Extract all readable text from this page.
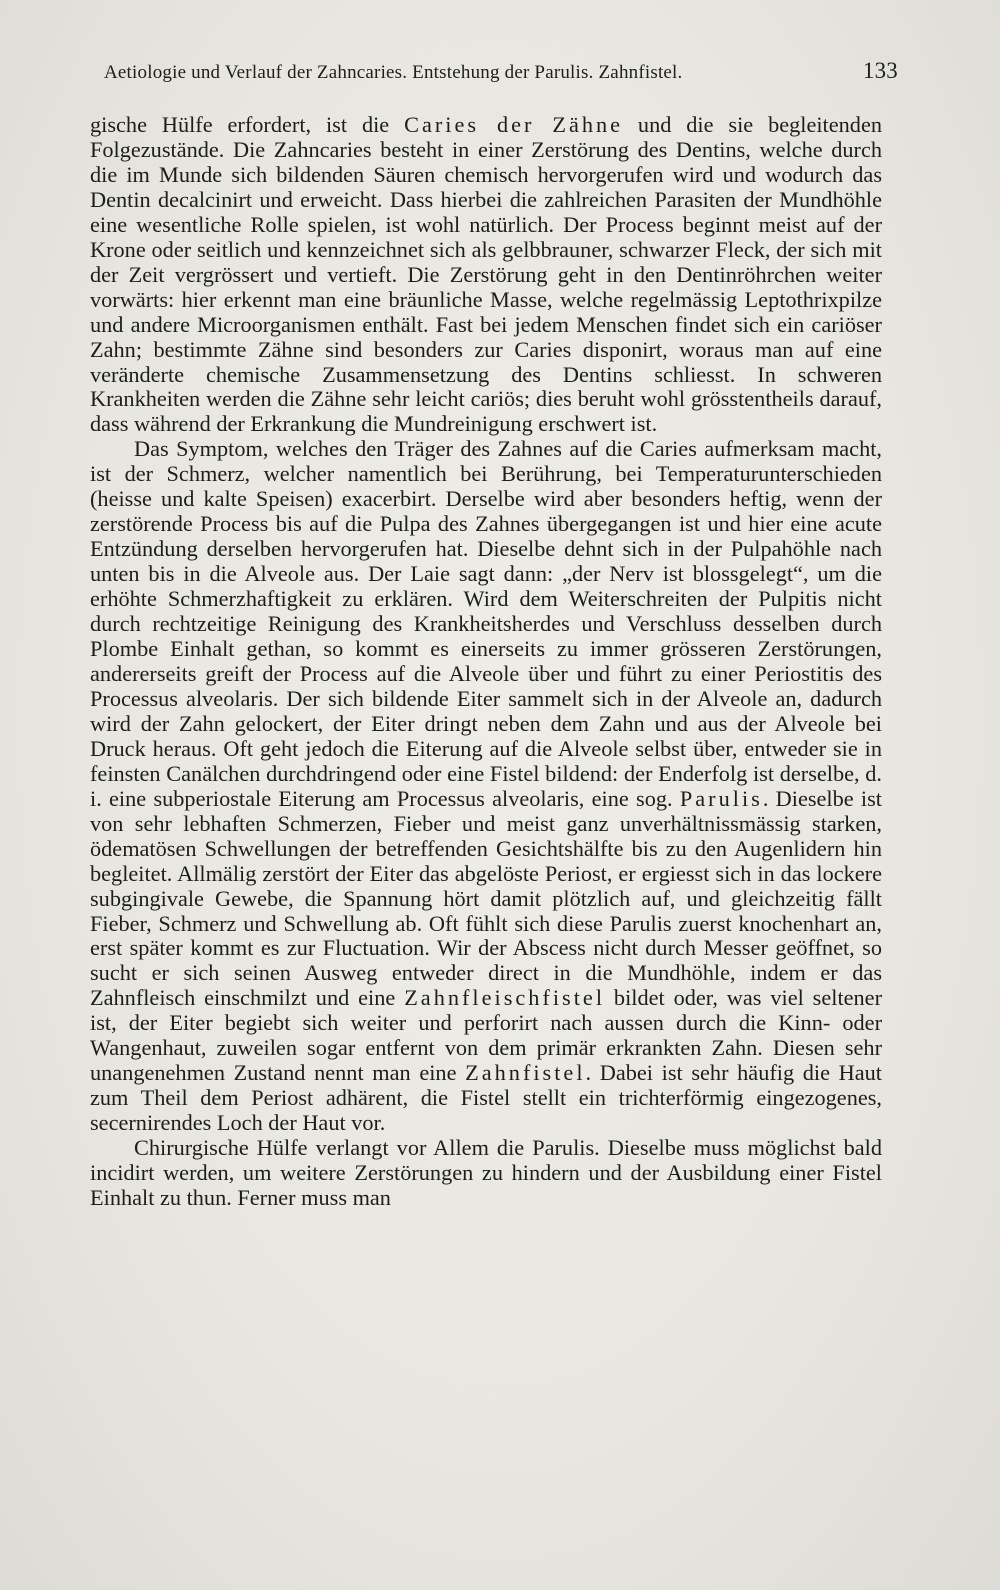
Aetiologie und Verlauf der Zahncaries. Entstehung der Parulis. Zahnfistel.	133

gische Hülfe erfordert, ist die Caries der Zähne und die sie begleitenden Folgezustände. Die Zahncaries besteht in einer Zerstörung des Dentins, welche durch die im Munde sich bildenden Säuren chemisch hervorgerufen wird und wodurch das Dentin decalcinirt und erweicht. Dass hierbei die zahlreichen Parasiten der Mundhöhle eine wesentliche Rolle spielen, ist wohl natürlich. Der Process beginnt meist auf der Krone oder seitlich und kennzeichnet sich als gelbbrauner, schwarzer Fleck, der sich mit der Zeit vergrössert und vertieft. Die Zerstörung geht in den Dentinröhrchen weiter vorwärts: hier erkennt man eine bräunliche Masse, welche regelmässig Leptothrixpilze und andere Microorganismen enthält. Fast bei jedem Menschen findet sich ein cariöser Zahn; bestimmte Zähne sind besonders zur Caries disponirt, woraus man auf eine veränderte chemische Zusammensetzung des Dentins schliesst. In schweren Krankheiten werden die Zähne sehr leicht cariös; dies beruht wohl grösstentheils darauf, dass während der Erkrankung die Mundreinigung erschwert ist.

Das Symptom, welches den Träger des Zahnes auf die Caries aufmerksam macht, ist der Schmerz, welcher namentlich bei Berührung, bei Temperaturunterschieden (heisse und kalte Speisen) exacerbirt. Derselbe wird aber besonders heftig, wenn der zerstörende Process bis auf die Pulpa des Zahnes übergegangen ist und hier eine acute Entzündung derselben hervorgerufen hat. Dieselbe dehnt sich in der Pulpahöhle nach unten bis in die Alveole aus. Der Laie sagt dann: „der Nerv ist blossgelegt“, um die erhöhte Schmerzhaftigkeit zu erklären. Wird dem Weiterschreiten der Pulpitis nicht durch rechtzeitige Reinigung des Krankheitsherdes und Verschluss desselben durch Plombe Einhalt gethan, so kommt es einerseits zu immer grösseren Zerstörungen, andererseits greift der Process auf die Alveole über und führt zu einer Periostitis des Processus alveolaris. Der sich bildende Eiter sammelt sich in der Alveole an, dadurch wird der Zahn gelockert, der Eiter dringt neben dem Zahn und aus der Alveole bei Druck heraus. Oft geht jedoch die Eiterung auf die Alveole selbst über, entweder sie in feinsten Canälchen durchdringend oder eine Fistel bildend: der Enderfolg ist derselbe, d. i. eine subperiostale Eiterung am Processus alveolaris, eine sog. Parulis. Dieselbe ist von sehr lebhaften Schmerzen, Fieber und meist ganz unverhältnissmässig starken, ödematösen Schwellungen der betreffenden Gesichtshälfte bis zu den Augenlidern hin begleitet. Allmälig zerstört der Eiter das abgelöste Periost, er ergiesst sich in das lockere subgingivale Gewebe, die Spannung hört damit plötzlich auf, und gleichzeitig fällt Fieber, Schmerz und Schwellung ab. Oft fühlt sich diese Parulis zuerst knochenhart an, erst später kommt es zur Fluctuation. Wir der Abscess nicht durch Messer geöffnet, so sucht er sich seinen Ausweg entweder direct in die Mundhöhle, indem er das Zahnfleisch einschmilzt und eine Zahnfleischfistel bildet oder, was viel seltener ist, der Eiter begiebt sich weiter und perforirt nach aussen durch die Kinn- oder Wangenhaut, zuweilen sogar entfernt von dem primär erkrankten Zahn. Diesen sehr unangenehmen Zustand nennt man eine Zahnfistel. Dabei ist sehr häufig die Haut zum Theil dem Periost adhärent, die Fistel stellt ein trichterförmig eingezogenes, secernirendes Loch der Haut vor.

Chirurgische Hülfe verlangt vor Allem die Parulis. Dieselbe muss möglichst bald incidirt werden, um weitere Zerstörungen zu hindern und der Ausbildung einer Fistel Einhalt zu thun. Ferner muss man
